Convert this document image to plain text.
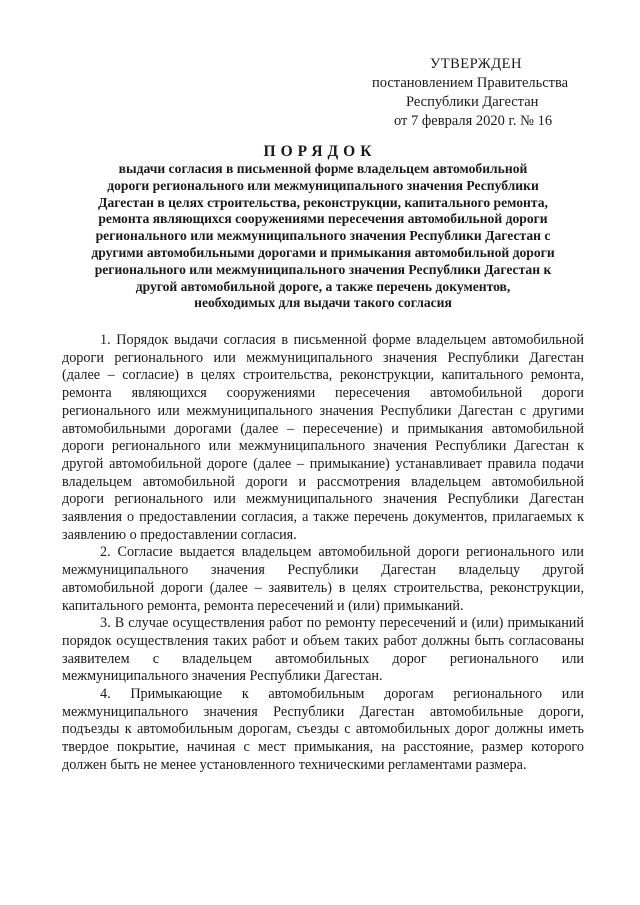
УТВЕРЖДЕН
постановлением Правительства
Республики Дагестан
от 7 февраля 2020 г. № 16
ПОРЯДОК
выдачи согласия в письменной форме владельцем автомобильной
дороги регионального или межмуниципального значения Республики
Дагестан в целях строительства, реконструкции, капитального ремонта,
ремонта являющихся сооружениями пересечения автомобильной дороги
регионального или межмуниципального значения Республики Дагестан с
другими автомобильными дорогами и примыкания автомобильной дороги
регионального или межмуниципального значения Республики Дагестан к
другой автомобильной дороге, а также перечень документов,
необходимых для выдачи такого согласия

1. Порядок выдачи согласия в письменной форме владельцем автомобильной дороги регионального или межмуниципального значения Республики Дагестан (далее – согласие) в целях строительства, реконструкции, капитального ремонта, ремонта являющихся сооружениями пересечения автомобильной дороги регионального или межмуниципального значения Республики Дагестан с другими автомобильными дорогами (далее – пересечение) и примыкания автомобильной дороги регионального или межмуниципального значения Республики Дагестан к другой автомобильной дороге (далее – примыкание) устанавливает правила подачи владельцем автомобильной дороги и рассмотрения владельцем автомобильной дороги регионального или межмуниципального значения Республики Дагестан заявления о предоставлении согласия, а также перечень документов, прилагаемых к заявлению о предоставлении согласия.

2. Согласие выдается владельцем автомобильной дороги регионального или межмуниципального значения Республики Дагестан владельцу другой автомобильной дороги (далее – заявитель) в целях строительства, реконструкции, капитального ремонта, ремонта пересечений и (или) примыканий.

3. В случае осуществления работ по ремонту пересечений и (или) примыканий порядок осуществления таких работ и объем таких работ должны быть согласованы заявителем с владельцем автомобильных дорог регионального или межмуниципального значения Республики Дагестан.

4. Примыкающие к автомобильным дорогам регионального или межмуниципального значения Республики Дагестан автомобильные дороги, подъезды к автомобильным дорогам, съезды с автомобильных дорог должны иметь твердое покрытие, начиная с мест примыкания, на расстояние, размер которого должен быть не менее установленного техническими регламентами размера.
